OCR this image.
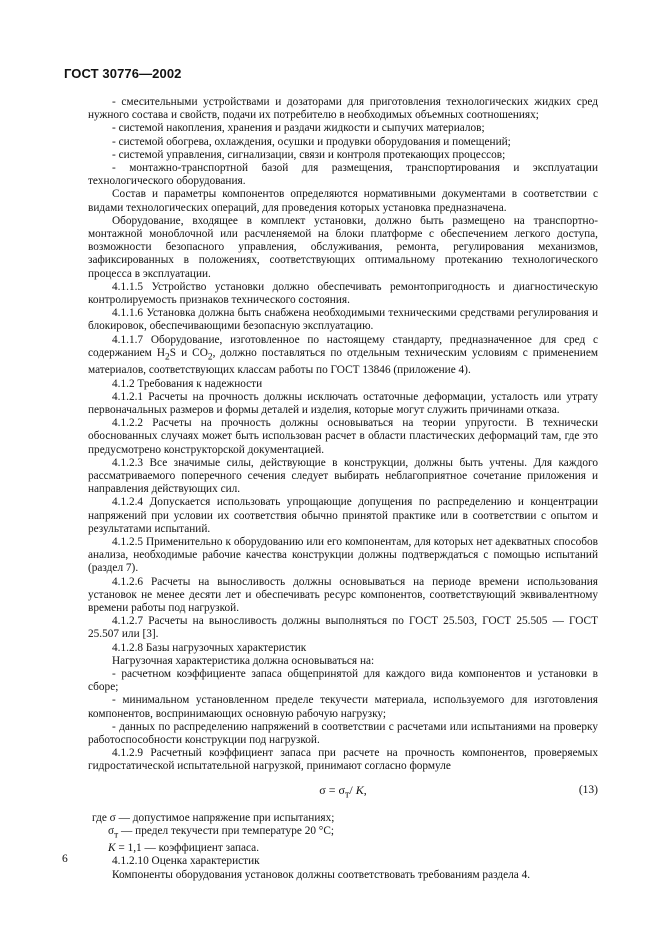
ГОСТ 30776—2002

- смесительными устройствами и дозаторами для приготовления технологических жидких сред нужного состава и свойств, подачи их потребителю в необходимых объемных соотношениях;

- системой накопления, хранения и раздачи жидкости и сыпучих материалов;

- системой обогрева, охлаждения, осушки и продувки оборудования и помещений;

- системой управления, сигнализации, связи и контроля протекающих процессов;

- монтажно-транспортной базой для размещения, транспортирования и эксплуатации технологического оборудования.

Состав и параметры компонентов определяются нормативными документами в соответствии с видами технологических операций, для проведения которых установка предназначена.

Оборудование, входящее в комплект установки, должно быть размещено на транспортно-монтажной моноблочной или расчленяемой на блоки платформе с обеспечением легкого доступа, возможности безопасного управления, обслуживания, ремонта, регулирования механизмов, зафиксированных в положениях, соответствующих оптимальному протеканию технологического процесса в эксплуатации.

4.1.1.5 Устройство установки должно обеспечивать ремонтопригодность и диагностическую контролируемость признаков технического состояния.

4.1.1.6 Установка должна быть снабжена необходимыми техническими средствами регулирования и блокировок, обеспечивающими безопасную эксплуатацию.

4.1.1.7 Оборудование, изготовленное по настоящему стандарту, предназначенное для сред с содержанием $H_2S$ и $CO_2$, должно поставляться по отдельным техническим условиям с применением материалов, соответствующих классам работы по ГОСТ 13846 (приложение 4).

4.1.2 Требования к надежности

4.1.2.1 Расчеты на прочность должны исключать остаточные деформации, усталость или утрату первоначальных размеров и формы деталей и изделия, которые могут служить причинами отказа.

4.1.2.2 Расчеты на прочность должны основываться на теории упругости. В технически обоснованных случаях может быть использован расчет в области пластических деформаций там, где это предусмотрено конструкторской документацией.

4.1.2.3 Все значимые силы, действующие в конструкции, должны быть учтены. Для каждого рассматриваемого поперечного сечения следует выбирать неблагоприятное сочетание приложения и направления действующих сил.

4.1.2.4 Допускается использовать упрощающие допущения по распределению и концентрации напряжений при условии их соответствия обычно принятой практике или в соответствии с опытом и результатами испытаний.

4.1.2.5 Применительно к оборудованию или его компонентам, для которых нет адекватных способов анализа, необходимые рабочие качества конструкции должны подтверждаться с помощью испытаний (раздел 7).

4.1.2.6 Расчеты на выносливость должны основываться на периоде времени использования установок не менее десяти лет и обеспечивать ресурс компонентов, соответствующий эквивалентному времени работы под нагрузкой.

4.1.2.7 Расчеты на выносливость должны выполняться по ГОСТ 25.503, ГОСТ 25.505 — ГОСТ 25.507 или [3].

4.1.2.8 Базы нагрузочных характеристик

Нагрузочная характеристика должна основываться на:

- расчетном коэффициенте запаса общепринятой для каждого вида компонентов и установки в сборе;

- минимальном установленном пределе текучести материала, используемого для изготовления компонентов, воспринимающих основную рабочую нагрузку;

- данных по распределению напряжений в соответствии с расчетами или испытаниями на проверку работоспособности конструкции под нагрузкой.

4.1.2.9 Расчетный коэффициент запаса при расчете на прочность компонентов, проверяемых гидростатической испытательной нагрузкой, принимают согласно формуле

$\sigma = \sigma_т/$ K,	(13)

где σ — допустимое напряжение при испытаниях;

$\sigma_т$ — предел текучести при температуре 20 °С;

K = 1,1 — коэффициент запаса.

4.1.2.10 Оценка характеристик

Компоненты оборудования установок должны соответствовать требованиям раздела 4.

6
